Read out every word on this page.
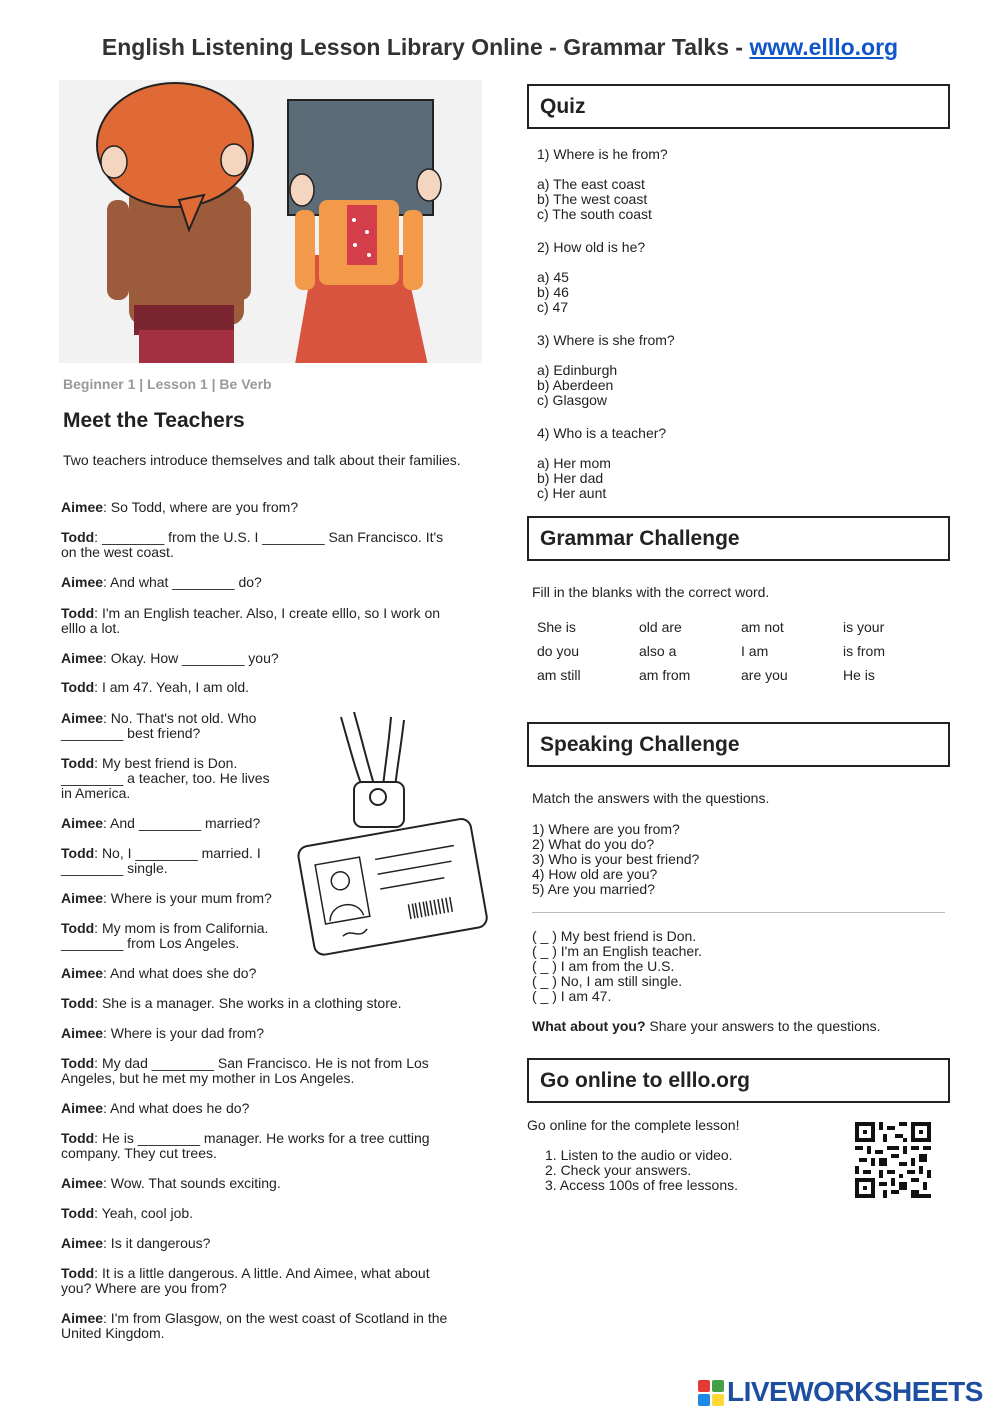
English Listening Lesson Library Online - Grammar Talks - www.elllo.org
Beginner 1 | Lesson 1 | Be Verb
Meet the Teachers
Two teachers introduce themselves and talk about their families.
Aimee: So Todd, where are you from?
Todd: ________ from the U.S. I ________ San Francisco. It's
on the west coast.
Aimee: And what ________ do?
Todd: I'm an English teacher. Also, I create elllo, so I work on
elllo a lot.
Aimee: Okay. How ________ you?
Todd: I am 47. Yeah, I am old.
Aimee: No. That's not old. Who
________ best friend?
Todd: My best friend is Don.
________ a teacher, too. He lives
in America.
Aimee: And ________ married?
Todd: No, I ________ married. I
________ single.
Aimee: Where is your mum from?
Todd: My mom is from California.
________ from Los Angeles.
Aimee: And what does she do?
Todd: She is a manager. She works in a clothing store.
Aimee: Where is your dad from?
Todd: My dad ________ San Francisco. He is not from Los
Angeles, but he met my mother in Los Angeles.
Aimee: And what does he do?
Todd: He is ________ manager. He works for a tree cutting
company. They cut trees.
Aimee: Wow. That sounds exciting.
Todd: Yeah, cool job.
Aimee: Is it dangerous?
Todd: It is a little dangerous. A little. And Aimee, what about
you? Where are you from?
Aimee: I'm from Glasgow, on the west coast of Scotland in the
United Kingdom.
Quiz
1) Where is he from?
a) The east coast
b) The west coast
c) The south coast
2) How old is he?
a) 45
b) 46
c) 47
3) Where is she from?
a) Edinburgh
b) Aberdeen
c) Glasgow
4) Who is a teacher?
a) Her mom
b) Her dad
c) Her aunt
Grammar Challenge
Fill in the blanks with the correct word.
She is	old are	am not	is your
do you	also a	I am	is from
am still	am from	are you	He is
Speaking Challenge
Match the answers with the questions.
1) Where are you from?
2) What do you do?
3) Who is your best friend?
4) How old are you?
5) Are you married?
( _ ) My best friend is Don.
( _ ) I'm an English teacher.
( _ ) I am from the U.S.
( _ ) No, I am still single.
( _ ) I am 47.
What about you? Share your answers to the questions.
Go online to elllo.org
Go online for the complete lesson!
1. Listen to the audio or video.
2. Check your answers.
3. Access 100s of free lessons.
LIVEWORKSHEETS
